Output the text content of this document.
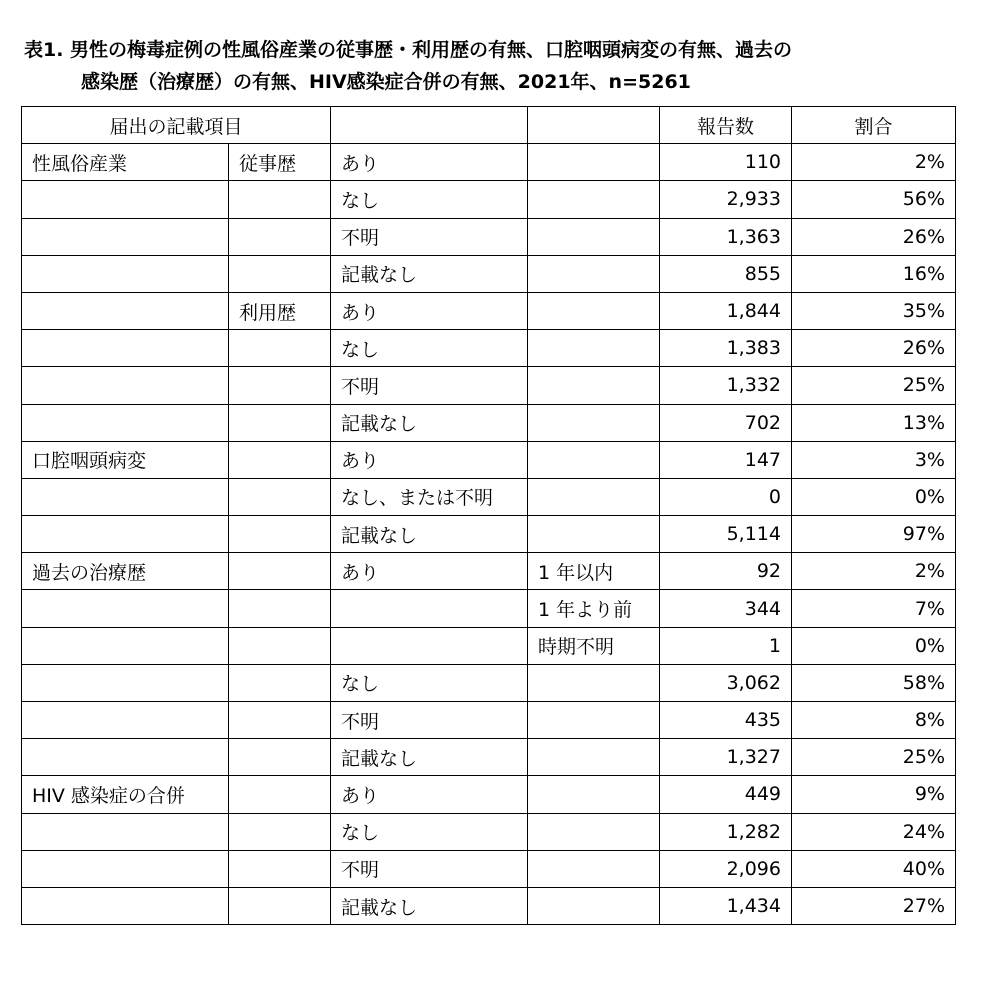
表1. 男性の梅毒症例の性風俗産業の従事歴・利用歴の有無、口腔咽頭病変の有無、過去の
感染歴（治療歴）の有無、HIV感染症合併の有無、2021年、n=5261
届出の記載項目				報告数	割合
性風俗産業	従事歴	あり		110	2%
		なし		2,933	56%
		不明		1,363	26%
		記載なし		855	16%
	利用歴	あり		1,844	35%
		なし		1,383	26%
		不明		1,332	25%
		記載なし		702	13%
口腔咽頭病変		あり		147	3%
		なし、または不明		0	0%
		記載なし		5,114	97%
過去の治療歴		あり	1 年以内	92	2%
			1 年より前	344	7%
			時期不明	1	0%
		なし		3,062	58%
		不明		435	8%
		記載なし		1,327	25%
HIV 感染症の合併		あり		449	9%
		なし		1,282	24%
		不明		2,096	40%
		記載なし		1,434	27%
